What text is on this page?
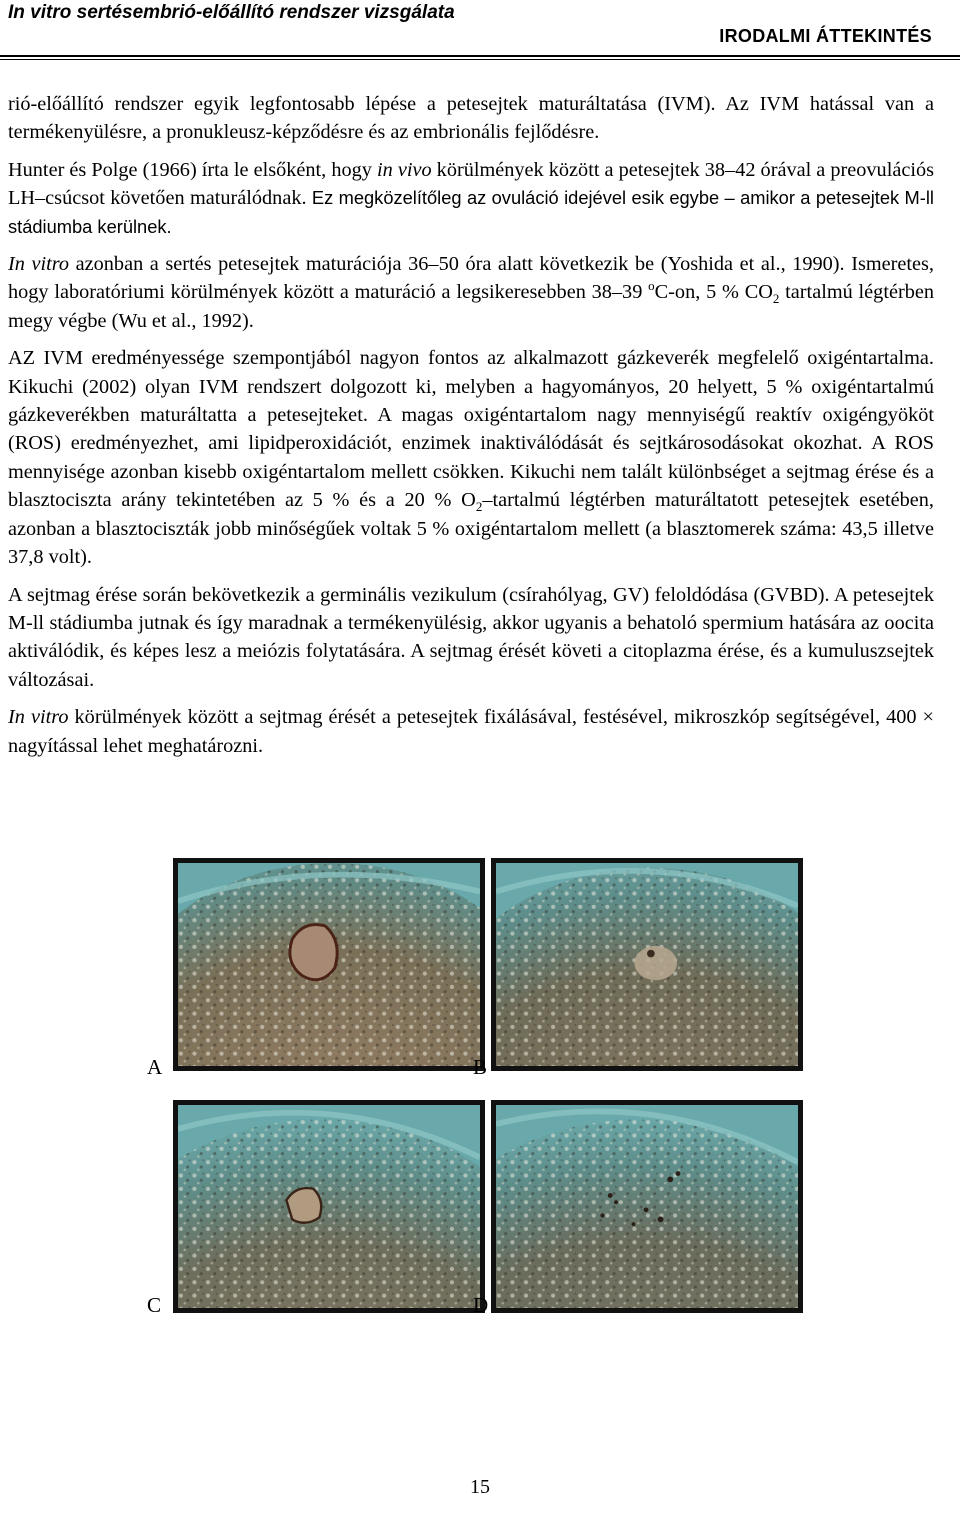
In vitro sertésembrió-előállító rendszer vizsgálata
IRODALMI ÁTTEKINTÉS

rió-előállító rendszer egyik legfontosabb lépése a petesejtek maturáltatása (IVM). Az IVM hatással van a termékenyülésre, a pronukleusz-képződésre és az embrionális fejlődésre.

Hunter és Polge (1966) írta le elsőként, hogy in vivo körülmények között a petesejtek 38–42 órával a preovulációs LH–csúcsot követően maturálódnak. Ez megközelítőleg az ovuláció idejével esik egybe – amikor a petesejtek M-ll stádiumba kerülnek.

In vitro azonban a sertés petesejtek maturációja 36–50 óra alatt következik be (Yoshida et al., 1990). Ismeretes, hogy laboratóriumi körülmények között a maturáció a legsikeresebben 38–39 $^o$C-on, 5 % $CO_2$ tartalmú légtérben megy végbe (Wu et al., 1992).

AZ IVM eredményessége szempontjából nagyon fontos az alkalmazott gázkeverék megfelelő oxigéntartalma. Kikuchi (2002) olyan IVM rendszert dolgozott ki, melyben a hagyományos, 20 helyett, 5 % oxigéntartalmú gázkeverékben maturáltatta a petesejteket. A magas oxigéntartalom nagy mennyiségű reaktív oxigéngyököt (ROS) eredményezhet, ami lipidperoxidációt, enzimek inaktiválódását és sejtkárosodásokat okozhat. A ROS mennyisége azonban kisebb oxigéntartalom mellett csökken. Kikuchi nem talált különbséget a sejtmag érése és a blasztociszta arány tekintetében az 5 % és a 20 % $O_2$–tartalmú légtérben maturáltatott petesejtek esetében, azonban a blasztociszták jobb minőségűek voltak 5 % oxigéntartalom mellett (a blasztomerek száma: 43,5 illetve 37,8 volt).

A sejtmag érése során bekövetkezik a germinális vezikulum (csírahólyag, GV) feloldódása (GVBD). A petesejtek M-ll stádiumba jutnak és így maradnak a termékenyülésig, akkor ugyanis a behatoló spermium hatására az oocita aktiválódik, és képes lesz a meiózis folytatására. A sejtmag érését követi a citoplazma érése, és a kumuluszsejtek változásai.

In vitro körülmények között a sejtmag érését a petesejtek fixálásával, festésével, mikroszkóp segítségével, 400 × nagyítással lehet meghatározni.

A	B
C	D
15
